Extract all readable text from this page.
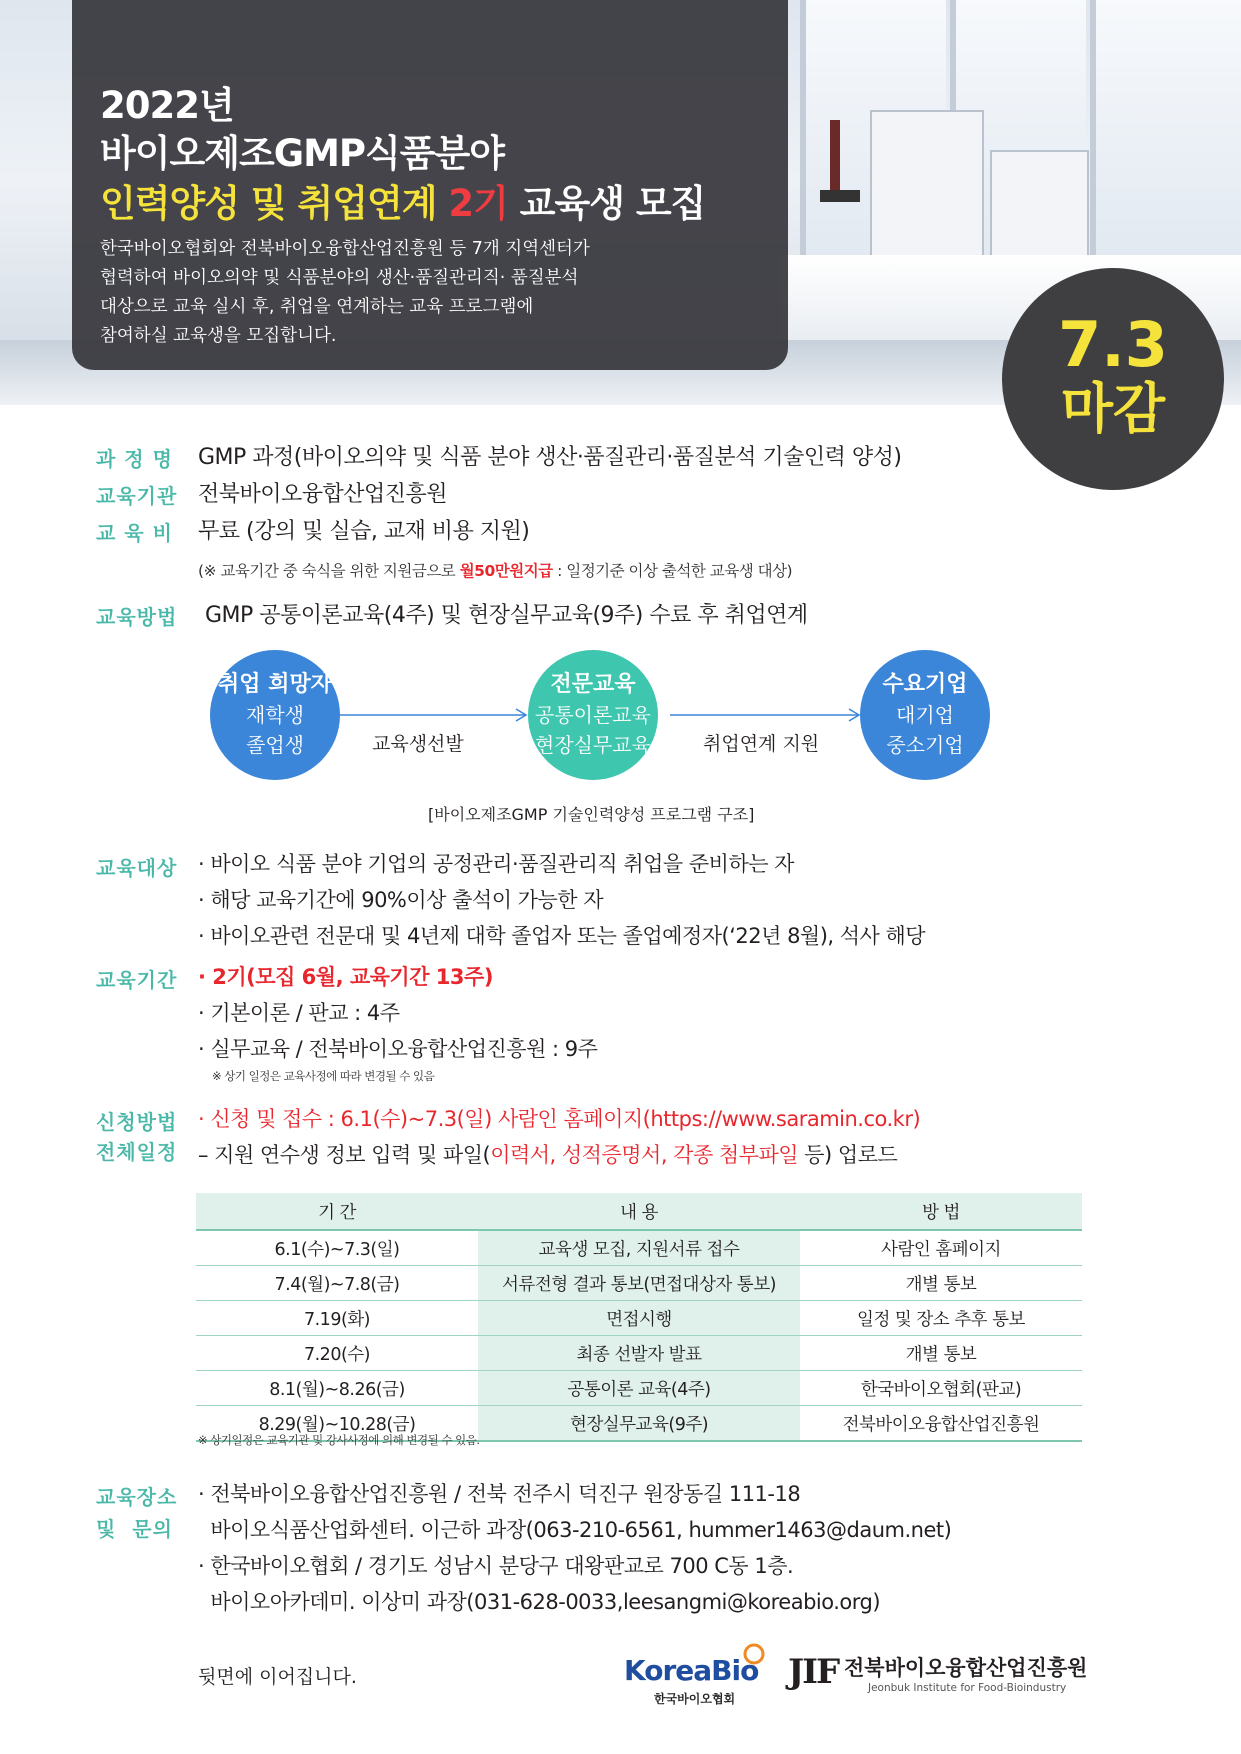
2022년
바이오제조GMP식품분야
인력양성 및 취업연계 2기 교육생 모집
한국바이오협회와 전북바이오융합산업진흥원 등 7개 지역센터가
협력하여 바이오의약 및 식품분야의 생산·품질관리직· 품질분석
대상으로 교육 실시 후, 취업을 연계하는 교육 프로그램에
참여하실 교육생을 모집합니다.	7.3
마감
과 정 명 GMP 과정(바이오의약 및 식품 분야 생산·품질관리·품질분석 기술인력 양성)
교육기관 전북바이오융합산업진흥원
교 육 비 무료 (강의 및 실습, 교재 비용 지원)
(※ 교육기간 중 숙식을 위한 지원금으로 월50만원지급 : 일정기준 이상 출석한 교육생 대상)
교육방법 GMP 공통이론교육(4주) 및 현장실무교육(9주) 수료 후 취업연계
취업 희망자
재학생
졸업생	교육생선발
전문교육
공통이론교육
현장실무교육	취업연계 지원
수요기업
대기업
중소기업
[바이오제조GMP 기술인력양성 프로그램 구조]
교육대상 · 바이오 식품 분야 기업의 공정관리·품질관리직 취업을 준비하는 자
· 해당 교육기간에 90%이상 출석이 가능한 자
· 바이오관련 전문대 및 4년제 대학 졸업자 또는 졸업예정자(‘22년 8월), 석사 해당
교육기간 · 2기(모집 6월, 교육기간 13주)
· 기본이론 / 판교 : 4주
· 실무교육 / 전북바이오융합산업진흥원 : 9주
※ 상기 일정은 교육사정에 따라 변경될 수 있음
신청방법
전체일정
· 신청 및 접수 : 6.1(수)~7.3(일) 사람인 홈페이지(https://www.saramin.co.kr)
– 지원 연수생 정보 입력 및 파일(이력서, 성적증명서, 각종 첨부파일 등) 업로드
기 간	내 용	방 법
6.1(수)~7.3(일)	교육생 모집, 지원서류 접수	사람인 홈페이지
7.4(월)~7.8(금)	서류전형 결과 통보(면접대상자 통보)	개별 통보
7.19(화)	면접시행	일정 및 장소 추후 통보
7.20(수)	최종 선발자 발표	개별 통보
8.1(월)~8.26(금)	공통이론 교육(4주)	한국바이오협회(판교)
8.29(월)~10.28(금)	현장실무교육(9주)	전북바이오융합산업진흥원
※ 상기일정은 교육기관 및 강사사정에 의해 변경될 수 있음.
교육장소
및  문의
· 전북바이오융합산업진흥원 / 전북 전주시 덕진구 원장동길 111-18
바이오식품산업화센터. 이근하 과장(063-210-6561, hummer1463@daum.net)
· 한국바이오협회 / 경기도 성남시 분당구 대왕판교로 700 C동 1층.
바이오아카데미. 이상미 과장(031-628-0033,leesangmi@koreabio.org)
뒷면에 이어집니다.	KoreaBio
한국바이오협회
JIF 전북바이오융합산업진흥원
Jeonbuk Institute for Food-Bioindustry
